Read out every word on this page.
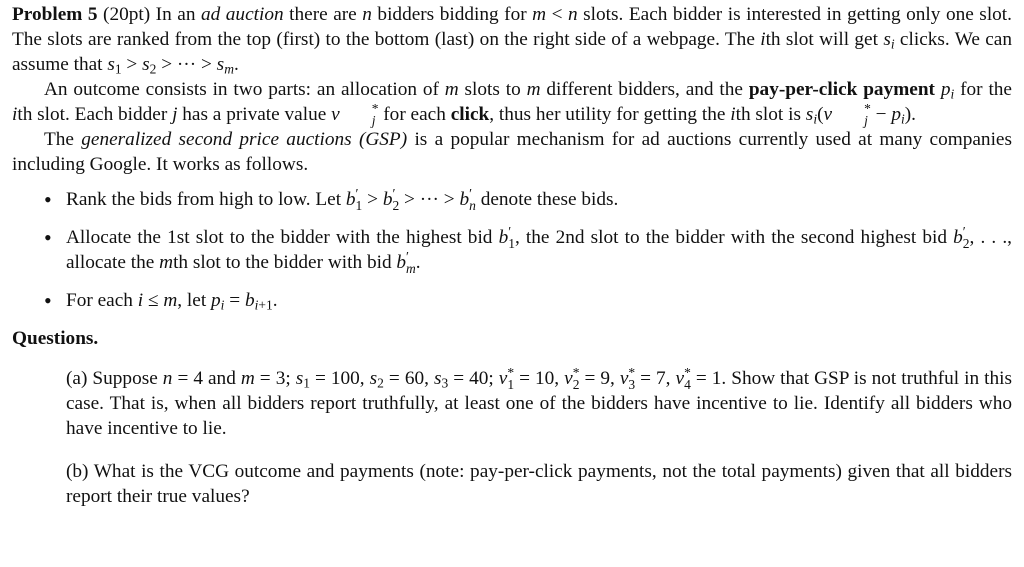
Problem 5 (20pt) In an ad auction there are n bidders bidding for m < n slots. Each bidder is interested in getting only one slot. The slots are ranked from the top (first) to the bottom (last) on the right side of a webpage. The ith slot will get $s_i$ clicks. We can assume that $s_1 > s_2$ > ··· > $s_m$.

An outcome consists in two parts: an allocation of m slots to m different bidders, and the pay-per-click payment $p_i$ for the ith slot. Each bidder j has a private value v	*
j for each click, thus her utility for getting the ith slot is $s_i(v$	*
$j - p_i$).

The generalized second price auctions (GSP) is a popular mechanism for ad auctions currently used at many companies including Google. It works as follows.

• Rank the bids from high to low. Let b ′
1 > b ′
2 > ··· > b ′
n denote these bids.
• Allocate the 1st slot to the bidder with the highest bid b ′
1 , the 2nd slot to the bidder with the second highest bid b ′
2 , . . ., allocate the mth slot to the bidder with bid b ′
m .
• For each i ≤ m, let $p_i = b_{i+1}$.

Questions.

(a) Suppose n = 4 and m = 3; $s_1 = 100$, $s_2 = 60$, $s_3 = 40$; v *
1 = 10, v *
2 = 9, v *
3 = 7, v *
4 = 1. Show that GSP is not truthful in this case. That is, when all bidders report truthfully, at least one of the bidders have incentive to lie. Identify all bidders who have incentive to lie.

(b) What is the VCG outcome and payments (note: pay-per-click payments, not the total payments) given that all bidders report their true values?
